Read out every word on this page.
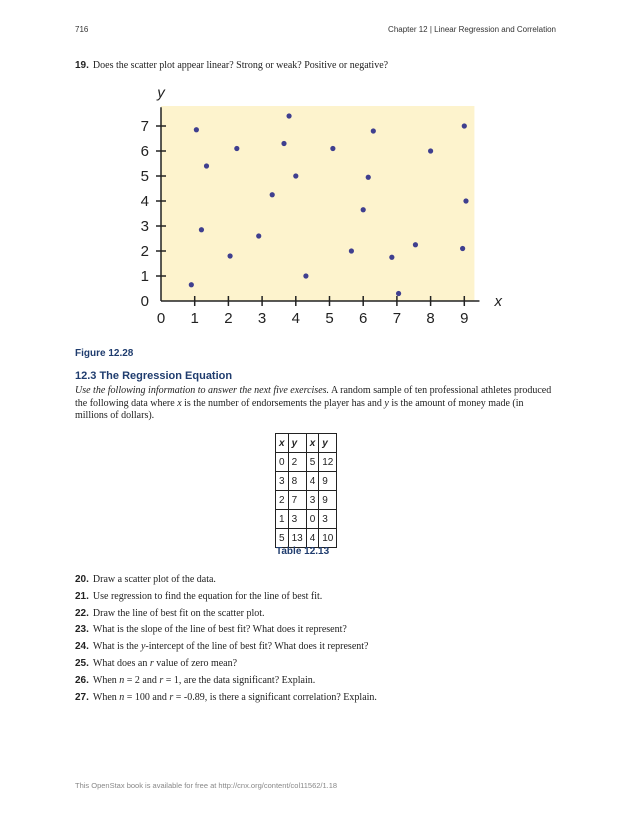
716	Chapter 12 | Linear Regression and Correlation
19. Does the scatter plot appear linear? Strong or weak? Positive or negative?
0 1 2 3 4 5 6 7 8 9
0
1
2
3
4
5
6
7
x
y
Figure 12.28
12.3 The Regression Equation
Use the following information to answer the next five exercises. A random sample of ten professional athletes produced the following data where x is the number of endorsements the player has and y is the amount of money made (in millions of dollars).
x	y	x	y
0	2	5	12
3	8	4	9
2	7	3	9
1	3	0	3
5	13	4	10
Table 12.13
20. Draw a scatter plot of the data.
21. Use regression to find the equation for the line of best fit.
22. Draw the line of best fit on the scatter plot.
23. What is the slope of the line of best fit? What does it represent?
24. What is the y-intercept of the line of best fit? What does it represent?
25. What does an r value of zero mean?
26. When n = 2 and r = 1, are the data significant? Explain.
27. When n = 100 and r = -0.89, is there a significant correlation? Explain.
This OpenStax book is available for free at http://cnx.org/content/col11562/1.18
